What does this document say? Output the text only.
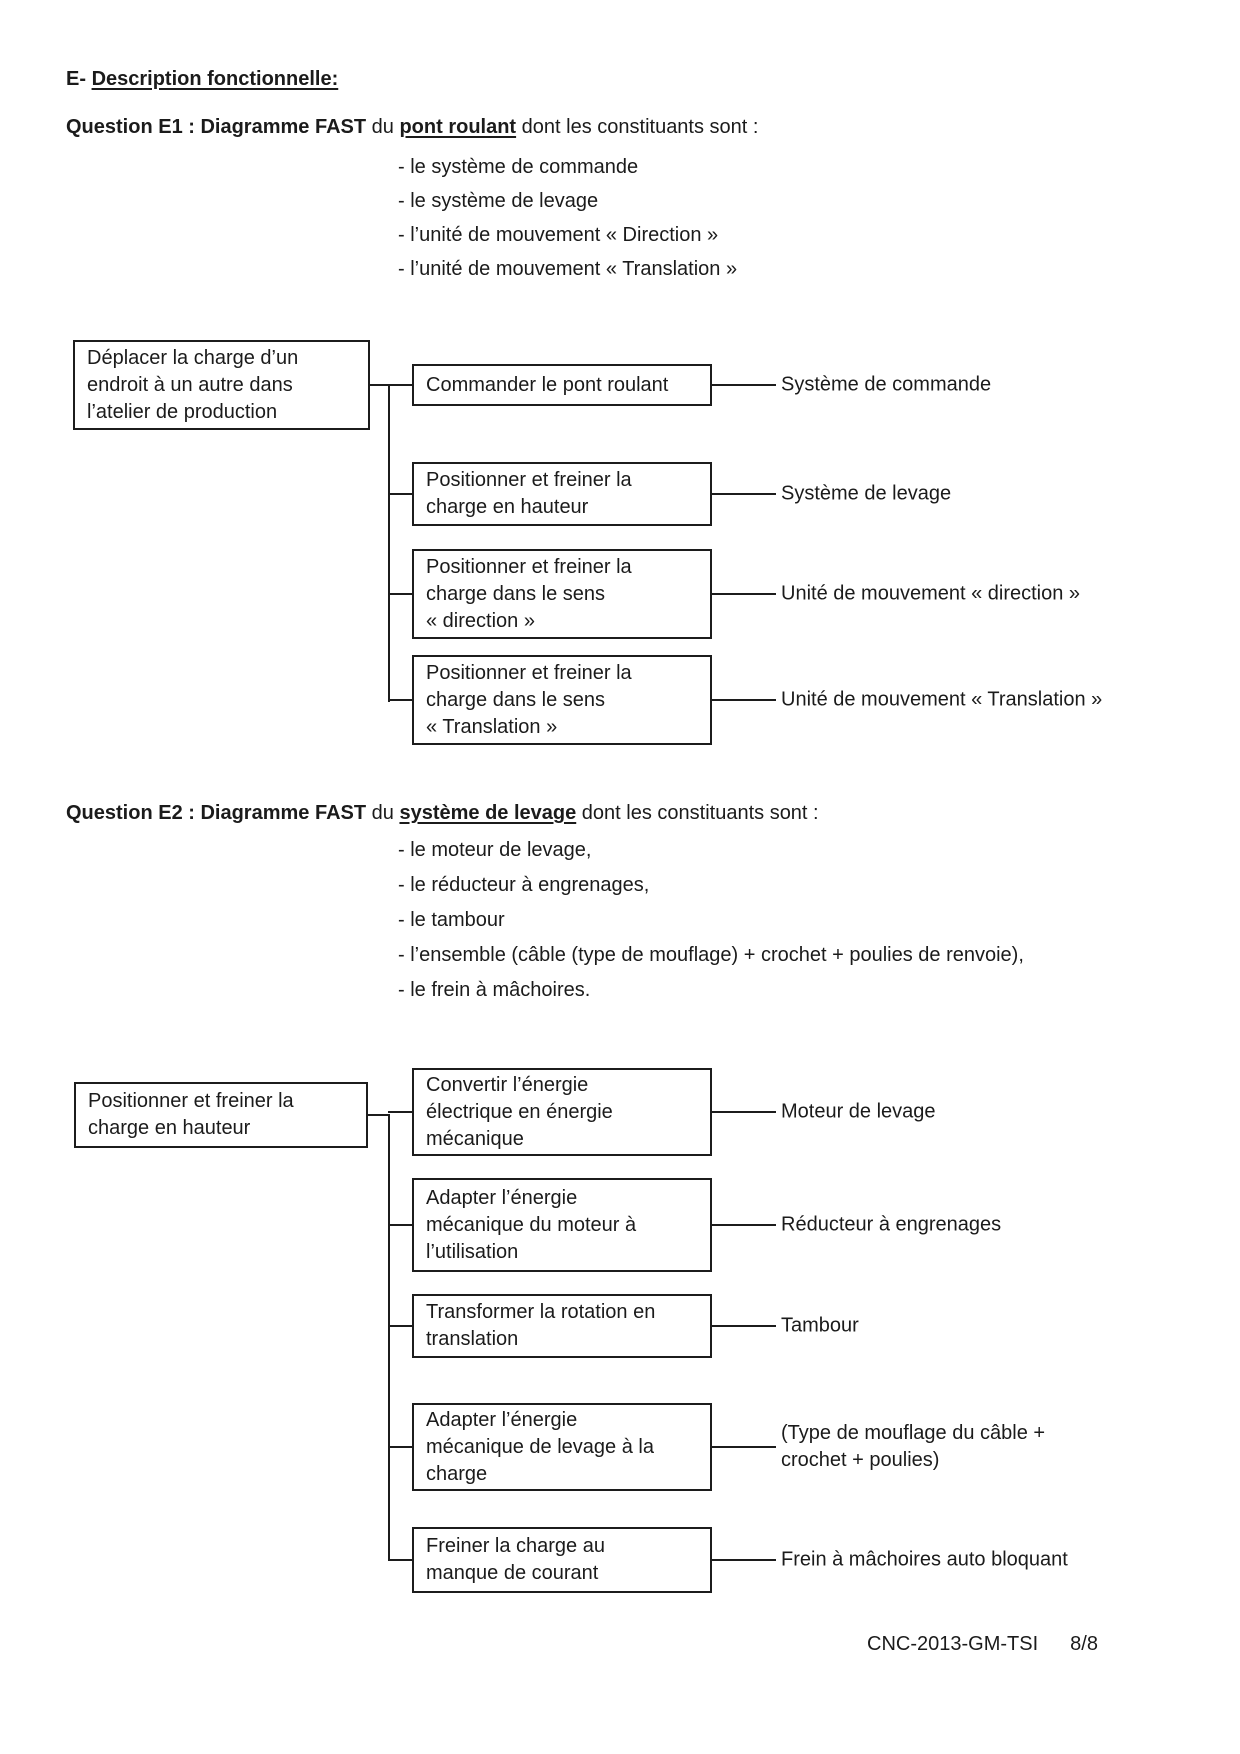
E- Description fonctionnelle:
Question E1 : Diagramme FAST du pont roulant dont les constituants sont :
- le système de commande
- le système de levage
- l’unité de mouvement « Direction »
- l’unité de mouvement « Translation »
Déplacer la charge d’un
endroit à un autre dans
l’atelier de production
Commander le pont roulant	Système de commande
Positionner et freiner la
charge en hauteur
Système de levage
Positionner et freiner la
charge dans le sens
« direction »
Unité de mouvement « direction »
Positionner et freiner la
charge dans le sens
« Translation »
Unité de mouvement « Translation »
Question E2 : Diagramme FAST du système de levage dont les constituants sont :
- le moteur de levage,
- le réducteur à engrenages,
- le tambour
- l’ensemble (câble (type de mouflage) + crochet + poulies de renvoie),
- le frein à mâchoires.
Positionner et freiner la
charge en hauteur
Convertir l’énergie
électrique en énergie
mécanique
Moteur de levage
Adapter l’énergie
mécanique du moteur à
l’utilisation
Réducteur à engrenages
Transformer la rotation en
translation
Tambour
Adapter l’énergie
mécanique de levage à la
charge
(Type de mouflage du câble +
crochet + poulies)
Freiner la charge au
manque de courant
Frein à mâchoires auto bloquant
CNC-2013-GM-TSI 8/8
